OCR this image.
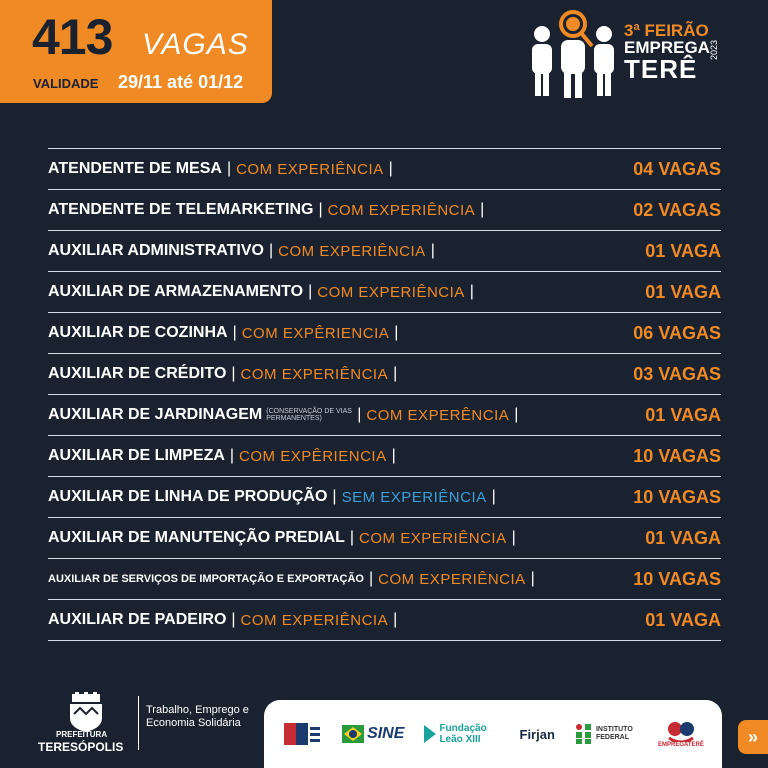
413 VAGAS
VALIDADE 29/11 até 01/12
3ª FEIRÃO
EMPREGA
TERÊ
2023
ATENDENTE DE MESA | COM EXPERIÊNCIA |	04 VAGAS
ATENDENTE DE TELEMARKETING | COM EXPERIÊNCIA |	02 VAGAS
AUXILIAR ADMINISTRATIVO | COM EXPERIÊNCIA |	01 VAGA
AUXILIAR DE ARMAZENAMENTO | COM EXPERIÊNCIA |	01 VAGA
AUXILIAR DE COZINHA | COM EXPÊRIENCIA |	06 VAGAS
AUXILIAR DE CRÉDITO | COM EXPERIÊNCIA |	03 VAGAS
AUXILIAR DE JARDINAGEM (CONSERVAÇÃO DE VIAS PERMANENTES)	| COM EXPERÊNCIA |	01 VAGA
AUXILIAR DE LIMPEZA | COM EXPÊRIENCIA |	10 VAGAS
AUXILIAR DE LINHA DE PRODUÇÃO | SEM EXPERIÊNCIA |	10 VAGAS
AUXILIAR DE MANUTENÇÃO PREDIAL | COM EXPERIÊNCIA |	01 VAGA
AUXILIAR DE SERVIÇOS DE IMPORTAÇÃO E EXPORTAÇÃO | COM EXPERIÊNCIA |	10 VAGAS
AUXILIAR DE PADEIRO | COM EXPERIÊNCIA |	01 VAGA
PREFEITURA
TERESÓPOLIS
Trabalho, Emprego e Economia Solidária
SINE	Fundação Leão XIII	Firjan	INSTITUTO FEDERAL
EMPREGATERÊ »
